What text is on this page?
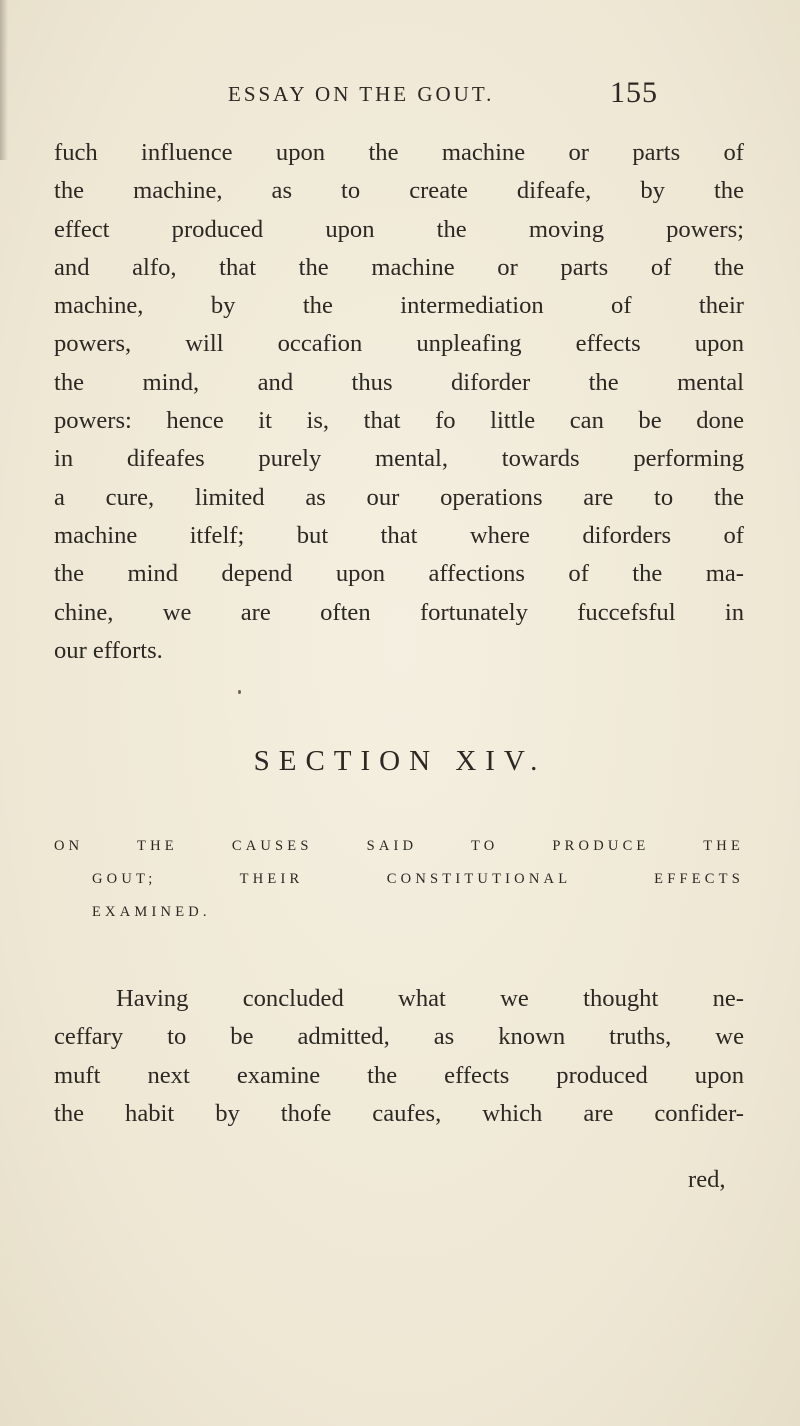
ESSAY ON THE GOUT.	155
fuch influence upon the machine or parts of
the machine, as to create difeafe, by the
effect produced upon the moving powers;
and alfo, that the machine or parts of the
machine, by the intermediation of their
powers, will occafion unpleafing effects upon
the mind, and thus diforder the mental
powers: hence it is, that fo little can be done
in difeafes purely mental, towards performing
a cure, limited as our operations are to the
machine itfelf; but that where diforders of
the mind depend upon affections of the ma-
chine, we are often fortunately fuccefsful in
our efforts.
SECTION XIV.
ON THE CAUSES SAID TO PRODUCE THE
GOUT; THEIR CONSTITUTIONAL EFFECTS
EXAMINED.
Having concluded what we thought ne-
ceffary to be admitted, as known truths, we
muft next examine the effects produced upon
the habit by thofe caufes, which are confider-
red,
